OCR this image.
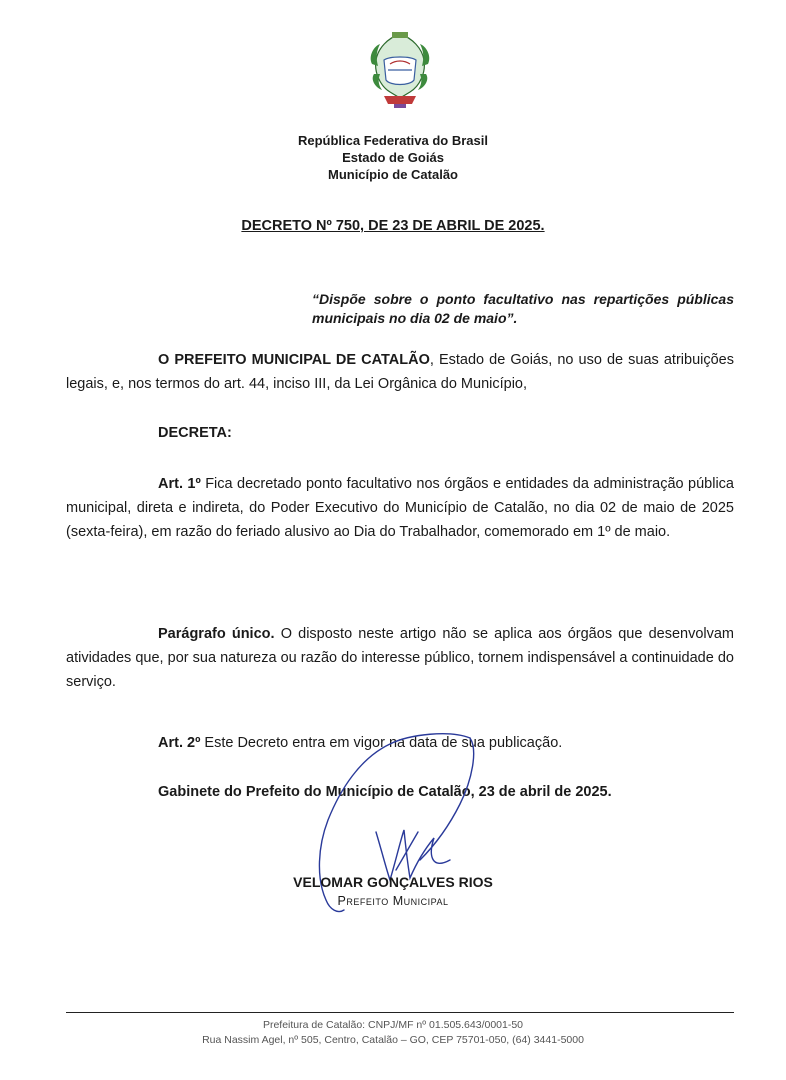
República Federativa do Brasil
Estado de Goiás
Município de Catalão
DECRETO Nº 750, DE 23 DE ABRIL DE 2025.
“Dispõe sobre o ponto facultativo nas repartições públicas municipais no dia 02 de maio”.
O PREFEITO MUNICIPAL DE CATALÃO, Estado de Goiás, no uso de suas atribuições legais, e, nos termos do art. 44, inciso III, da Lei Orgânica do Município,
DECRETA:
Art. 1º Fica decretado ponto facultativo nos órgãos e entidades da administração pública municipal, direta e indireta, do Poder Executivo do Município de Catalão, no dia 02 de maio de 2025 (sexta-feira), em razão do feriado alusivo ao Dia do Trabalhador, comemorado em 1º de maio.
Parágrafo único. O disposto neste artigo não se aplica aos órgãos que desenvolvam atividades que, por sua natureza ou razão do interesse público, tornem indispensável a continuidade do serviço.
Art. 2º Este Decreto entra em vigor na data de sua publicação.
Gabinete do Prefeito do Município de Catalão, 23 de abril de 2025.
VELOMAR GONÇALVES RIOS
Prefeito Municipal
Prefeitura de Catalão: CNPJ/MF nº 01.505.643/0001-50
Rua Nassim Agel, nº 505, Centro, Catalão – GO, CEP 75701-050, (64) 3441-5000
